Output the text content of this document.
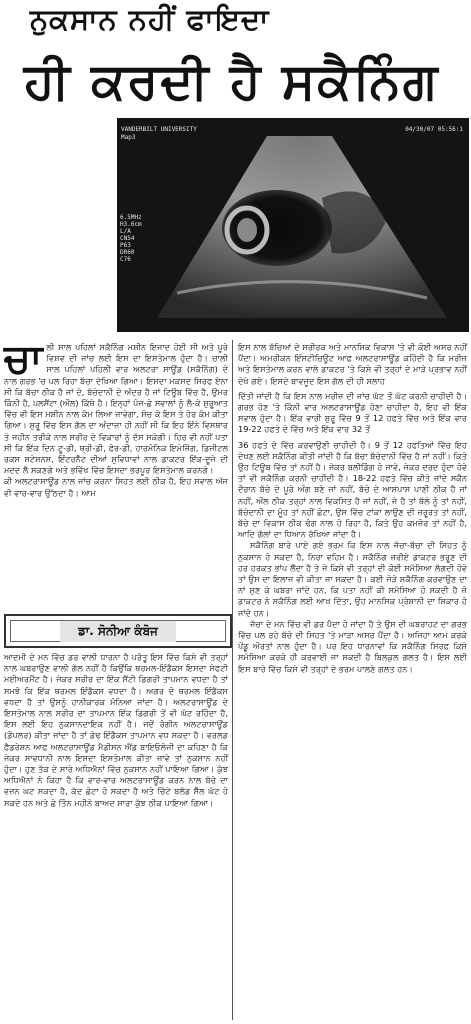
ਨੁਕਸਾਨ ਨਹੀਂ ਫਾਇਦਾ
ਹੀ ਕਰਦੀ ਹੈ ਸਕੈਨਿੰਗ
VANDERBILT UNIVERSITY
Map3
04/30/07 05:56:1
6.5MHz
H3.6cm
L/A
CN54
P63
DR60
C76
ਚਾ ਲੀ ਸਾਲ ਪਹਿਲਾਂ ਸਕੈਨਿੰਗ ਮਸ਼ੀਨ ਇਜਾਦ ਹੋਈ ਸੀ ਅਤੇ ਪੂਰੇ ਵਿਸ਼ਵ ਦੀ ਜਾਂਚ ਲਈ ਇਸ ਦਾ ਇਸਤੇਮਾਲ ਹੁੰਦਾ ਹੈ। ਚਾਲੀ ਸਾਲ ਪਹਿਲਾਂ ਪਹਿਲੀ ਵਾਰ ਅਲਟਰਾ ਸਾਊਂਡ (ਸਕੈਨਿੰਗ) ਦੇ ਨਾਲ ਗਰਭ 'ਚ ਪਲ ਰਿਹਾ ਬੱਚਾ ਦੇਖਿਆ ਗਿਆ। ਇਸਦਾ ਮਕਸਦ ਸਿਰਫ ਏਨਾ ਸੀ ਕਿ ਬੱਚਾ ਠੀਕ ਹੈ ਜਾਂ ਦੇ, ਬੱਚੇਦਾਨੀ ਦੇ ਅੰਦਰ ਹੈ ਜਾਂ ਟਿਊਬ ਵਿੱਚ ਹੈ, ਉਮਰ ਕਿੰਨੀ ਹੈ, ਪਲਸੈਂਟਾ (ਔਲ) ਕਿੱਥੇ ਹੈ। ਇਨ੍ਹਾਂ ਪੰਜ-ਛੇ ਸਵਾਲਾਂ ਨੂੰ ਲੈ-ਕੇ ਸ਼ੁਰੂਆਤ ਵਿੱਚ ਵੀ ਇਸ ਮਸ਼ੀਨ ਨਾਲ ਕੰਮ ਲਿਆ ਜਾਵੇਗਾ, ਸੋਚ ਕੇ ਇਸ ਤੇ ਹੋਰ ਕੰਮ ਕੀਤਾ ਗਿਆ। ਸ਼ੁਰੂ ਵਿੱਚ ਇਸ ਗੱਲ ਦਾ ਅੰਦਾਜ਼ਾ ਹੀ ਨਹੀਂ ਸੀ ਕਿ ਇਹ ਇੰਨੇ ਵਿਸਥਾਰ ਤੇ ਜਹੀਨ ਤਰੀਕੇ ਨਾਲ ਸਰੀਰ ਦੇ ਵਿਕਾਰਾਂ ਨੂੰ ਦੱਸ ਸਕੇਗੀ। ਹਿਰ ਵੀ ਨਹੀਂ ਪਤਾ ਸੀ ਕਿ ਇੱਕ ਦਿਨ ਟੂ-ਡੀ, ਥ੍ਰੀ-ਡੀ, ਫੋਰ-ਡੀ, ਹਾਰਮੋਨਿਕ ਇਮੇਜਿੰਗ, ਡਿਜੀਟਲ ਰਕਸ ਸਟੇਸ਼ਨਸ, ਇੰਟਰਨੈੱਟ ਦੀਆਂ ਸੁਵਿਧਾਵਾਂ ਨਾਲ ਡਾਕਟਰ ਇੱਕ-ਦੂਜੇ ਦੀ ਮਦਦ ਲੈ ਸਕਣਗੇ ਅਤੇ ਭਵਿੱਖ ਵਿੱਚ ਇਸਦਾ ਭਰਪੂਰ ਇਸਤੇਮਾਲ ਕਰਨਗੇ।

ਕੀ ਅਲਟਰਾਸਾਊਂਡ ਨਾਲ ਜਾਂਚ ਕਰਨਾ ਸਿਹਤ ਲਈ ਠੀਕ ਹੈ, ਇਹ ਸਵਾਲ ਅੱਜ ਵੀ ਵਾਰ-ਵਾਰ ਉੱਠਦਾ ਹੈ। ਆਮ

ਡਾ. ਸੋਨੀਆ ਕੰਬੋਜ

ਆਦਮੀ ਦੇ ਮਨ ਵਿੱਚ ਡਰ ਵਾਲੀ ਧਾਰਨਾ ਹੈ ਪਰੰਤੂ ਇਸ ਵਿੱਚ ਕਿਸੇ ਵੀ ਤਰ੍ਹਾਂ ਨਾਲ ਘਬਰਾਉਣ ਵਾਲੀ ਗੱਲ ਨਹੀਂ ਹੈ ਕਿਉਂਕਿ ਥਰਮਲ-ਇੰਡੈਕਸ ਇਸਦਾ ਸੇਫਟੀ ਮਈਅਰਮੈਂਟ ਹੈ। ਜੇਕਰ ਸਰੀਰ ਦਾ ਇੱਕ ਸੈਂਟੀ ਡਿਗਰੀ ਤਾਪਮਾਨ ਵਧਦਾ ਹੈ ਤਾਂ ਸਮਝੋ ਕਿ ਇੱਕ ਥਰਮਲ ਇੰਡੈਕਸ ਵਧਦਾ ਹੈ। ਅਗਰ ਦੋ ਥਰਮਲ ਇੰਡੈਕਸ ਵਧਦਾ ਹੈ ਤਾਂ ਉਸਨੂੰ ਹਾਨੀਕਾਰਕ ਮੰਨਿਆ ਜਾਂਦਾ ਹੈ। ਅਲਟਰਾਸਾਊਂਡ ਦੇ ਇਸਤੇਮਾਲ ਨਾਲ ਸਰੀਰ ਦਾ ਤਾਪਮਾਨ ਇੱਕ ਡਿਗਰੀ ਤੋਂ ਵੀ ਘੱਟ ਰਹਿੰਦਾ ਹੈ, ਇਸ ਲਈ ਇਹ ਨੁਕਸਾਨਦਾਇਕ ਨਹੀਂ ਹੈ। ਜਦੋਂ ਰੰਗੀਨ ਅਲਟਰਾਸਾਊਂਡ (ਡੌਪਲਰ) ਕੀਤਾ ਜਾਂਦਾ ਹੈ ਤਾਂ ਡੇਢ ਇੰਡੈਕਸ ਤਾਪਮਾਨ ਵਧ ਸਕਦਾ ਹੈ। ਵਰਲਡ ਫੈਡਰੇਸ਼ਨ ਆਫ ਅਲਟਰਾਸਾਊਂਡ ਮੈਡੀਸਨ ਐਂਡ ਬਾਇਓਲੋਜੀ ਦਾ ਕਹਿਣਾ ਹੈ ਕਿ ਜੇਕਰ ਸਾਵਧਾਨੀ ਨਾਲ ਇਸਦਾ ਇਸਤੇਮਾਲ ਕੀਤਾ ਜਾਵੇ ਤਾਂ ਨੁਕਸਾਨ ਨਹੀਂ ਹੁੰਦਾ। ਹੁਣ ਤੱਕ ਦੇ ਸਾਰੇ ਅਧਿਐਨਾਂ ਵਿੱਚ ਨੁਕਸਾਨ ਨਹੀਂ ਪਾਇਆ ਗਿਆ। ਕੁੱਝ ਅਧਿਐਨਾਂ ਨੇ ਕਿਹਾ ਹੈ ਕਿ ਵਾਰ-ਵਾਰ ਅਲਟਰਾਸਾਊਂਡ ਕਰਨ ਨਾਲ ਬੱਚੇ ਦਾ ਵਜ਼ਨ ਘਟ ਸਕਦਾ ਹੈ, ਕੱਦ ਛੋਟਾ ਹੋ ਸਕਦਾ ਹੈ ਅਤੇ ਚਿੱਟੇ ਬਲੱਡ ਸੈੱਲ ਘੱਟ ਹੋ ਸਕਦੇ ਹਨ ਅਤੇ ਛੇ ਤਿੰਨ ਮਹੀਨੇ ਬਾਅਦ ਸਾਰਾ ਕੁੱਝ ਠੀਕ ਪਾਇਆ ਗਿਆ।

ਇਸ ਨਾਲ ਬੱਚਿਆਂ ਦੇ ਸਰੀਰਕ ਅਤੇ ਮਾਨਸਿਕ ਵਿਕਾਸ 'ਤੇ ਵੀ ਕੋਈ ਅਸਰ ਨਹੀਂ ਪੈਂਦਾ। ਅਮਰੀਕਨ ਇੰਸਟੀਚਿਊਟ ਆਫ ਅਲਟਰਾਸਾਊਂਡ ਕਹਿੰਦੀ ਹੈ ਕਿ ਮਰੀਜ਼ ਅਤੇ ਇਸਤੇਮਾਲ ਕਰਨ ਵਾਲੇ ਡਾਕਟਰ 'ਤੇ ਕਿਸੇ ਵੀ ਤਰ੍ਹਾਂ ਦੇ ਮਾੜੇ ਪ੍ਰਭਾਵ ਨਹੀਂ ਦੇਖੇ ਗਏ। ਇਸਦੇ ਬਾਵਜੂਦ ਇਸ ਗੱਲ ਦੀ ਹੀ ਸਲਾਹ

ਦਿੱਤੀ ਜਾਂਦੀ ਹੈ ਕਿ ਇਸ ਨਾਲ ਮਰੀਜ਼ ਦੀ ਜਾਂਚ ਘੱਟ ਤੋਂ ਘੱਟ ਕਰਨੀ ਚਾਹੀਦੀ ਹੈ। ਗਰਭ ਹੋਣ 'ਤੇ ਕਿੰਨੀ ਵਾਰ ਅਲਟਰਾਸਾਊਂਡ ਹੋਣਾ ਚਾਹੀਦਾ ਹੈ, ਇਹ ਵੀ ਇੱਕ ਸਵਾਲ ਹੁੰਦਾ ਹੈ। ਇੱਕ ਵਾਰੀ ਸ਼ੁਰੂ ਵਿੱਚ 9 ਤੋਂ 12 ਹਫਤੇ ਵਿੱਚ ਅਤੇ ਇੱਕ ਵਾਰ 19-22 ਹਫਤੇ ਦੇ ਵਿੱਚ ਅਤੇ ਇੱਕ ਵਾਰ 32 ਤੋਂ

36 ਹਫਤੇ ਦੇ ਵਿੱਚ ਕਰਵਾਉਣੀ ਚਾਹੀਦੀ ਹੈ। 9 ਤੋਂ 12 ਹਫਤਿਆਂ ਵਿੱਚ ਇਹ ਦੇਖਣ ਲਈ ਸਕੈਨਿੰਗ ਕੀਤੀ ਜਾਂਦੀ ਹੈ ਕਿ ਬੱਚਾ ਬੱਚੇਦਾਨੀ ਵਿੱਚ ਹੈ ਜਾਂ ਨਹੀਂ। ਕਿਤੇ ਉਹ ਟਿਊਬ ਵਿੱਚ ਤਾਂ ਨਹੀਂ ਹੈ। ਜੇਕਰ ਬਲੀਡਿੰਗ ਹੋ ਜਾਵੇ, ਜੇਕਰ ਦਰਦ ਹੁੰਦਾ ਹੋਵੇ ਤਾਂ ਵੀ ਸਕੈਨਿੰਗ ਕਰਨੀ ਚਾਹੀਦੀ ਹੈ। 18-22 ਹਫਤੇ ਵਿੱਚ ਕੀਤੇ ਜਾਂਦੇ ਸਕੈਨ ਦੌਰਾਨ ਬੱਚੇ ਦੇ ਪੂਰੇ ਅੰਗ ਬਣੇ ਜਾਂ ਨਹੀਂ, ਬੱਚੇ ਦੇ ਆਸਪਾਸ ਪਾਣੀ ਠੀਕ ਹੈ ਜਾਂ ਨਹੀਂ, ਔਲ ਠੀਕ ਤਰ੍ਹਾਂ ਨਾਲ ਵਿਕਸਿਤ ਹੈ ਜਾਂ ਨਹੀਂ, ਜੇ ਹੈ ਤਾਂ ਥੱਲੇ ਨੂੰ ਤਾਂ ਨਹੀਂ, ਬੱਚੇਦਾਨੀ ਦਾ ਮੂੰਹ ਤਾਂ ਨਹੀਂ ਛੋਟਾ, ਉਸ ਵਿੱਚ ਟਾਂਕਾ ਲਾਉਣ ਦੀ ਜ਼ਰੂਰਤ ਤਾਂ ਨਹੀਂ, ਬੱਚੇ ਦਾ ਵਿਕਾਸ ਠੀਕ ਢੰਗ ਨਾਲ ਹੋ ਰਿਹਾ ਹੈ, ਕਿਤੇ ਉਹ ਕਮਜ਼ੋਰ ਤਾਂ ਨਹੀਂ ਹੈ, ਆਦਿ ਗੱਲਾਂ ਦਾ ਧਿਆਨ ਰੱਖਿਆ ਜਾਂਦਾ ਹੈ।

ਸਕੈਨਿੰਗ ਬਾਰੇ ਪਾਏ ਗਏ ਭਰਮ ਕਿ ਇਸ ਨਾਲ ਜੱਚਾ-ਬੱਚਾ ਦੀ ਸਿਹਤ ਨੂੰ ਨੁਕਸਾਨ ਹੋ ਸਕਦਾ ਹੈ, ਨਿਰਾ ਵਹਿਮ ਹੈ। ਸਕੈਨਿੰਗ ਜ਼ਰੀਏ ਡਾਕਟਰ ਭਰੂਣ ਦੀ ਹਰ ਹਰਕਤ ਭਾਂਪ ਲੈਂਦਾ ਹੈ ਤੇ ਜੇ ਕਿਸੇ ਵੀ ਤਰ੍ਹਾਂ ਦੀ ਕੋਈ ਸਮੱਸਿਆ ਲੱਗਦੀ ਹੋਵੇ ਤਾਂ ਉਸ ਦਾ ਇਲਾਜ ਵੀ ਕੀਤਾ ਜਾ ਸਕਦਾ ਹੈ। ਕਈ ਜੋੜੇ ਸਕੈਨਿੰਗ ਕਰਵਾਉਣ ਦਾ ਨਾਂ ਸੁਣ ਕੇ ਘਬਰਾ ਜਾਂਦੇ ਹਨ, ਕਿ ਪਤਾ ਨਹੀਂ ਕੀ ਸਮੱਸਿਆ ਹੋ ਸਕਦੀ ਹੈ ਜੋ ਡਾਕਟਰ ਨੇ ਸਕੈਨਿੰਗ ਲਈ ਆਖ ਦਿੱਤਾ, ਉਹ ਮਾਨਸਿਕ ਪ੍ਰੇਸ਼ਾਨੀ ਦਾ ਸ਼ਿਕਾਰ ਹੋ ਜਾਂਦੇ ਹਨ।

ਜੱਚਾ ਦੇ ਮਨ ਵਿੱਚ ਵੀ ਡਰ ਪੈਦਾ ਹੋ ਜਾਂਦਾ ਹੈ ਤੇ ਉਸ ਦੀ ਘਬਰਾਹਟ ਦਾ ਗਰਭ ਵਿੱਚ ਪਲ ਰਹੇ ਬੱਚੇ ਦੀ ਸਿਹਤ 'ਤੇ ਮਾੜਾ ਅਸਰ ਪੈਂਦਾ ਹੈ। ਅਜਿਹਾ ਆਮ ਕਰਕੇ ਪੇਂਡੂ ਔਰਤਾਂ ਨਾਲ ਹੁੰਦਾ ਹੈ। ਪਰ ਇਹ ਧਾਰਨਾਵਾਂ ਕਿ ਸਕੈਨਿੰਗ ਸਿਰਫ ਕਿਸੇ ਸਮੱਸਿਆ ਕਰਕੇ ਹੀ ਕਰਵਾਈ ਜਾ ਸਕਦੀ ਹੈ ਬਿਲਕੁਲ ਗਲਤ ਹੈ। ਇਸ ਲਈ ਇਸ ਬਾਰੇ ਵਿੱਚ ਕਿਸੇ ਵੀ ਤਰ੍ਹਾਂ ਦੇ ਭਰਮ ਪਾਲਣੇ ਗਲਤ ਹਨ।
